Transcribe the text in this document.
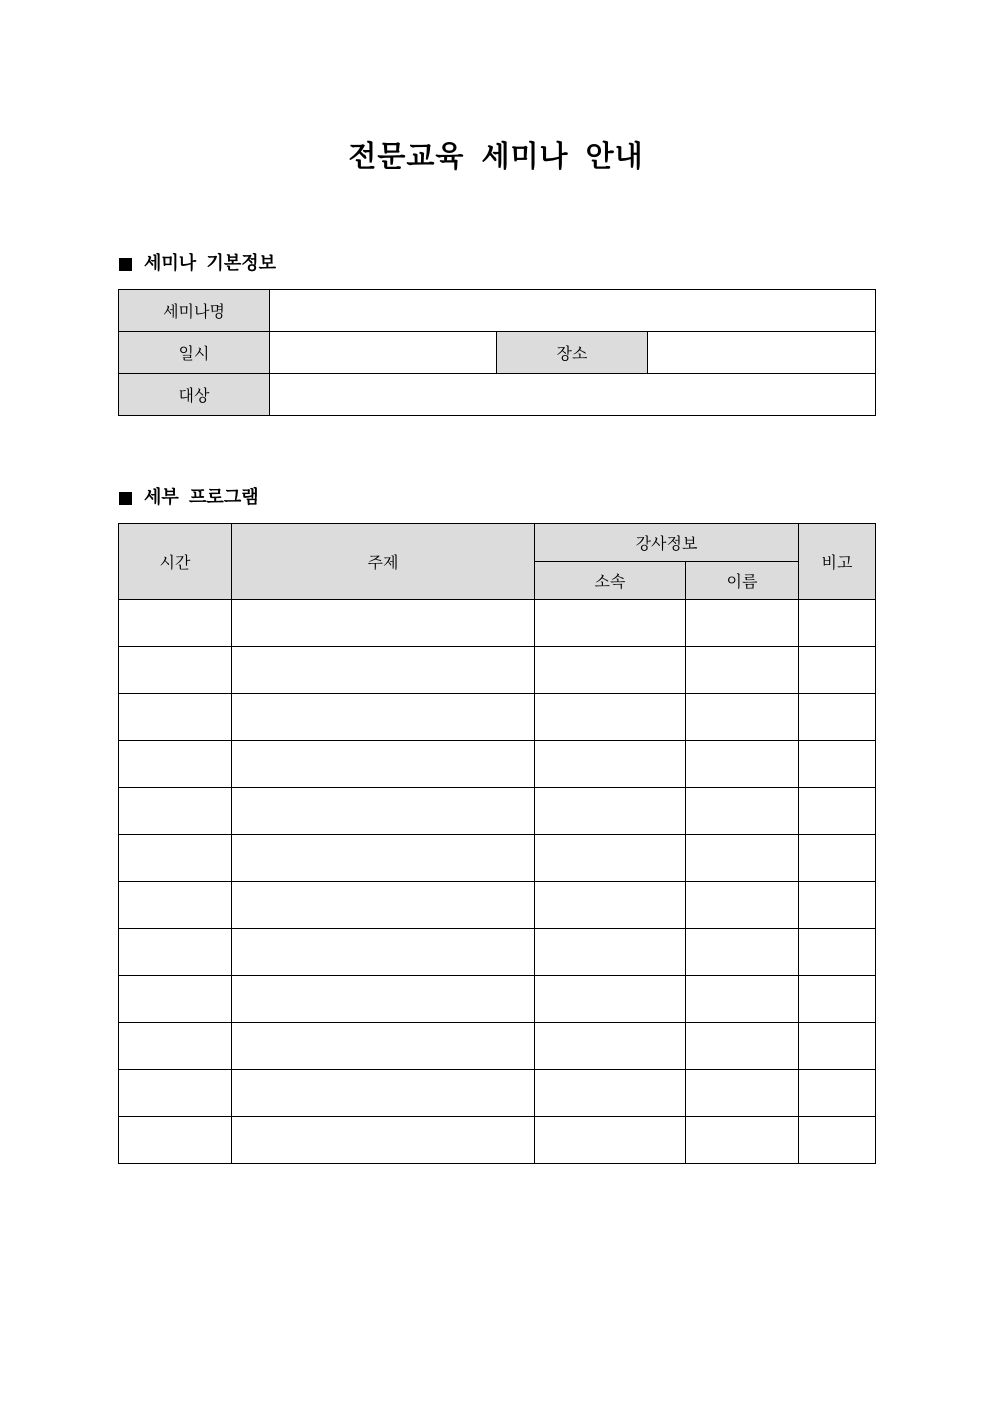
전문교육 세미나 안내
세미나 기본정보
세미나명			
일시		장소	
대상			
세부 프로그램
시간	주제	강사정보		비고
		소속	이름	
